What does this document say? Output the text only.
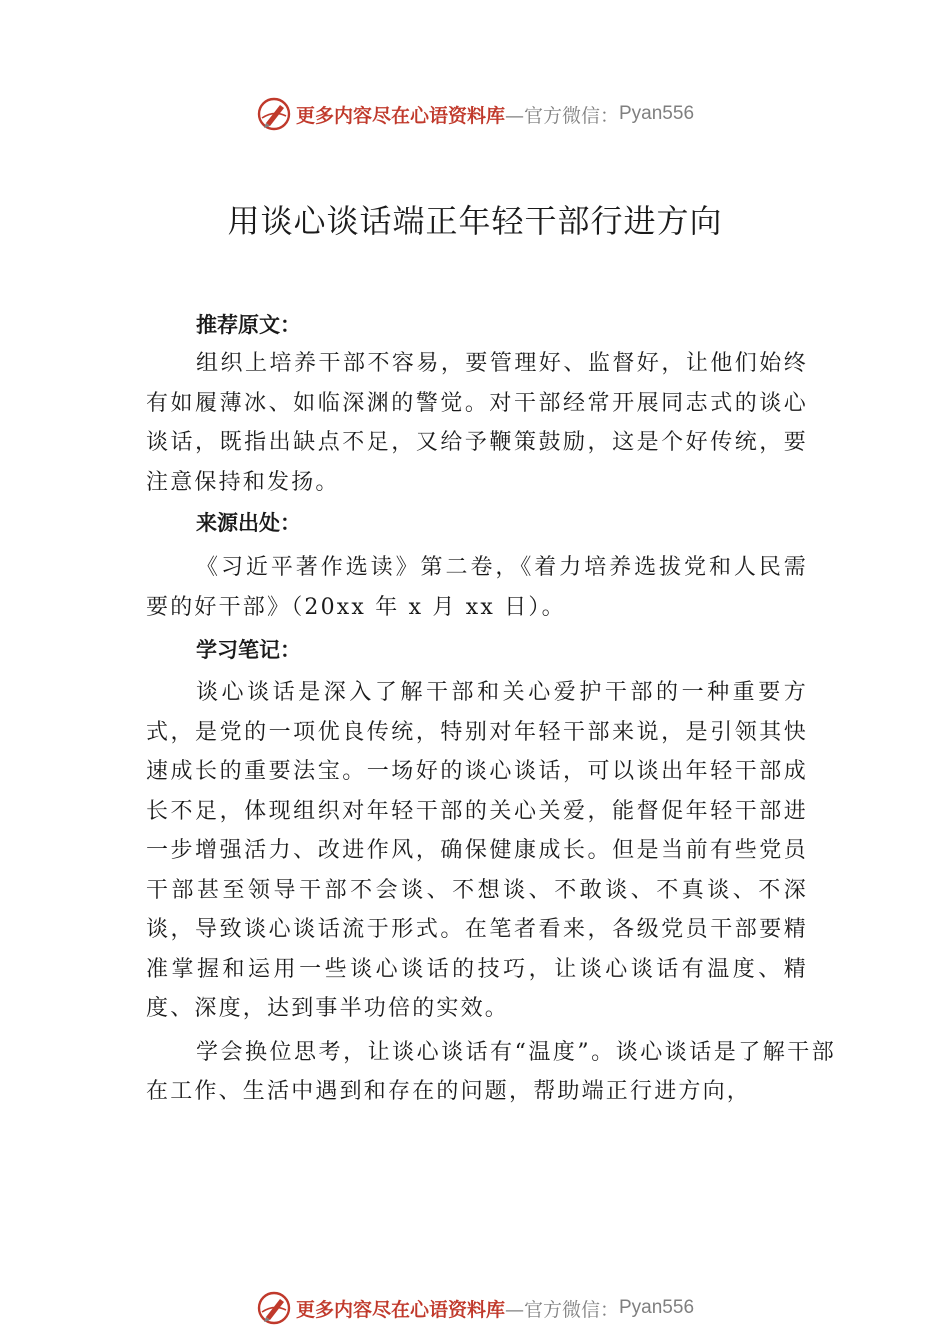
更多内容尽在心语资料库 —官方微信： Pyan556
用谈心谈话端正年轻干部行进方向
推荐原文：

组织上培养干部不容易，要管理好、监督好，让他们始终有如履薄冰、如临深渊的警觉。对干部经常开展同志式的谈心谈话，既指出缺点不足，又给予鞭策鼓励，这是个好传统，要注意保持和发扬。

来源出处：

《习近平著作选读》第二卷，《着力培养选拔党和人民需要的好干部》（20xx 年 x 月 xx 日）。

学习笔记：

谈心谈话是深入了解干部和关心爱护干部的一种重要方式，是党的一项优良传统，特别对年轻干部来说，是引领其快速成长的重要法宝。一场好的谈心谈话，可以谈出年轻干部成长不足，体现组织对年轻干部的关心关爱，能督促年轻干部进一步增强活力、改进作风，确保健康成长。但是当前有些党员干部甚至领导干部不会谈、不想谈、不敢谈、不真谈、不深谈，导致谈心谈话流于形式。在笔者看来，各级党员干部要精准掌握和运用一些谈心谈话的技巧，让谈心谈话有温度、精度、深度，达到事半功倍的实效。

学会换位思考，让谈心谈话有“温度”。谈心谈话是了解干部在工作、生活中遇到和存在的问题，帮助端正行进方向，

更多内容尽在心语资料库 —官方微信： Pyan556
